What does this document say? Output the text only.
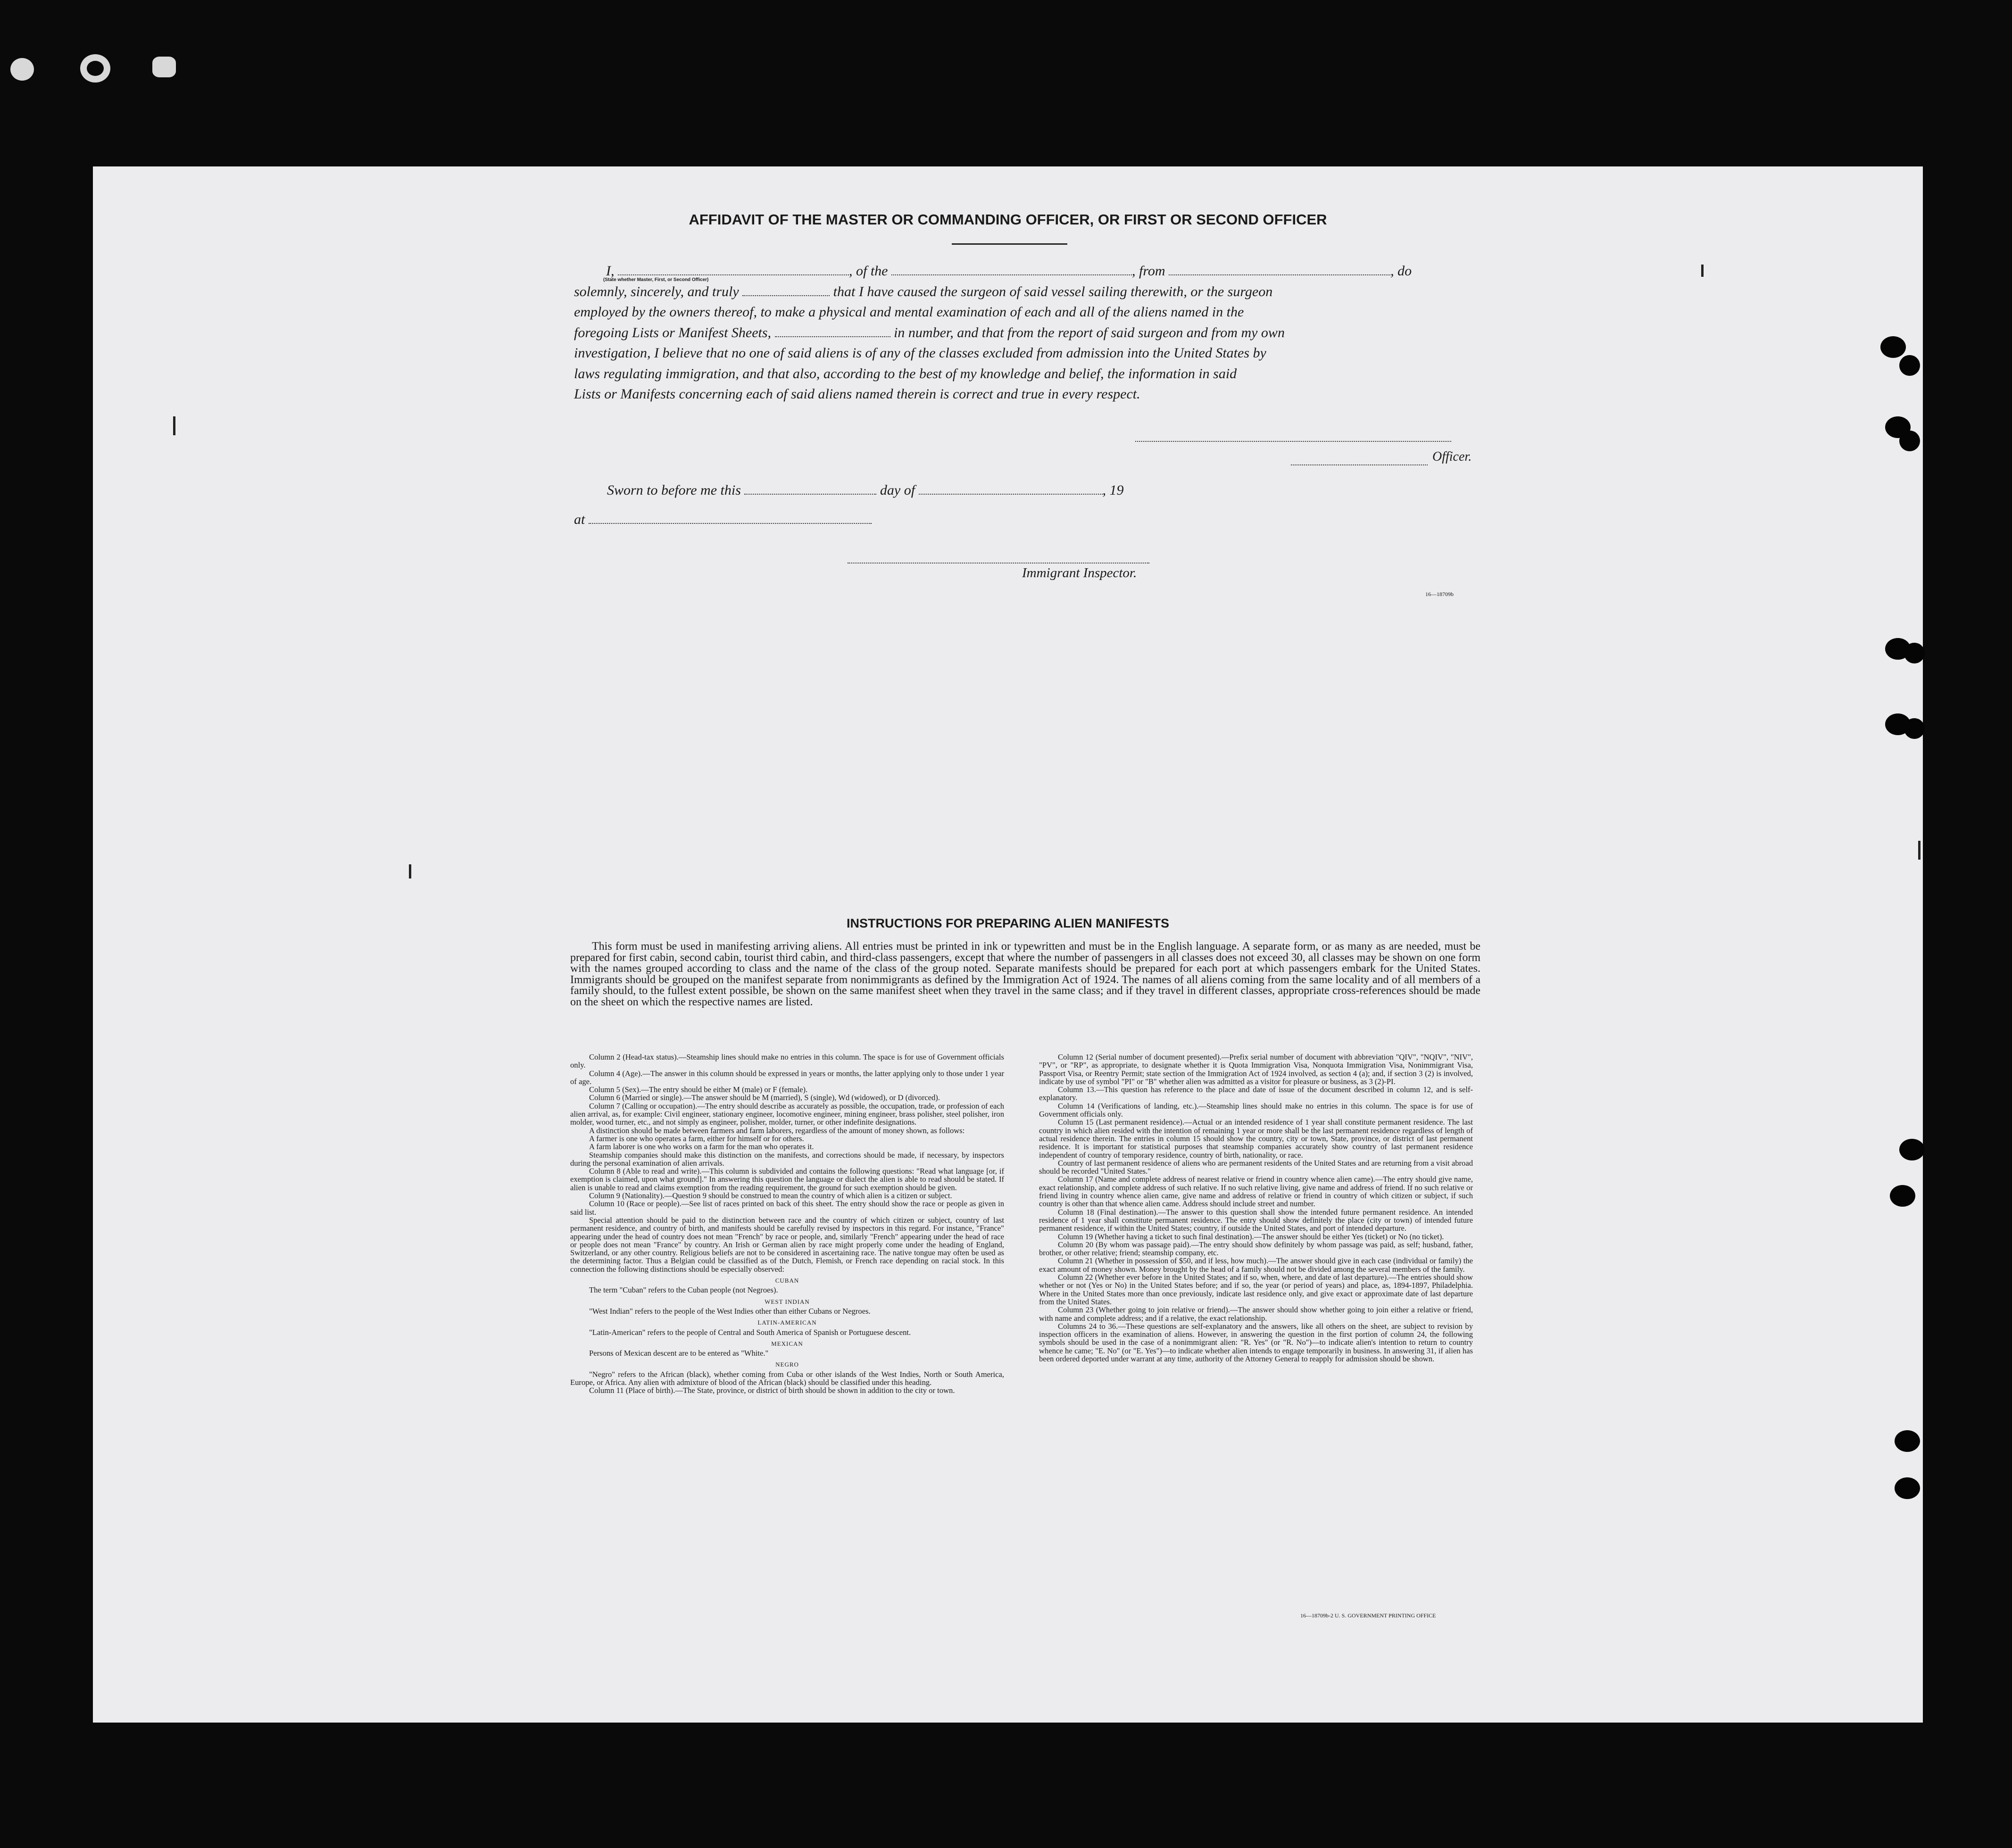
AFFIDAVIT OF THE MASTER OR COMMANDING OFFICER, OR FIRST OR SECOND OFFICER
I,	, of the	, from	, do
solemnly, sincerely, and truly	that I have caused the surgeon of said vessel sailing therewith, or the surgeon
employed by the owners thereof, to make a physical and mental examination of each and all of the aliens named in the
foregoing Lists or Manifest Sheets,	in number, and that from the report of said surgeon and from my own
investigation, I believe that no one of said aliens is of any of the classes excluded from admission into the United States by
laws regulating immigration, and that also, according to the best of my knowledge and belief, the information in said
Lists or Manifests concerning each of said aliens named therein is correct and true in every respect.
(State whether Master, First, or Second Officer)
Officer.
Sworn to before me this	day of	, 19
at
Immigrant Inspector.
16—18709b
INSTRUCTIONS FOR PREPARING ALIEN MANIFESTS

This form must be used in manifesting arriving aliens. All entries must be printed in ink or typewritten and must be in the English language. A separate form, or as many as are needed, must be prepared for first cabin, second cabin, tourist third cabin, and third-class passengers, except that where the number of passengers in all classes does not exceed 30, all classes may be shown on one form with the names grouped according to class and the name of the class of the group noted. Separate manifests should be prepared for each port at which passengers embark for the United States. Immigrants should be grouped on the manifest separate from nonimmigrants as defined by the Immigration Act of 1924. The names of all aliens coming from the same locality and of all members of a family should, to the fullest extent possible, be shown on the same manifest sheet when they travel in the same class; and if they travel in different classes, appropriate cross-references should be made on the sheet on which the respective names are listed.

Column 2 (Head-tax status).—Steamship lines should make no entries in this column. The space is for use of Government officials only.

Column 4 (Age).—The answer in this column should be expressed in years or months, the latter applying only to those under 1 year of age.

Column 5 (Sex).—The entry should be either M (male) or F (female).

Column 6 (Married or single).—The answer should be M (married), S (single), Wd (widowed), or D (divorced).

Column 7 (Calling or occupation).—The entry should describe as accurately as possible, the occupation, trade, or profession of each alien arrival, as, for example: Civil engineer, stationary engineer, locomotive engineer, mining engineer, brass polisher, steel polisher, iron molder, wood turner, etc., and not simply as engineer, polisher, molder, turner, or other indefinite designations.

A distinction should be made between farmers and farm laborers, regardless of the amount of money shown, as follows:

A farmer is one who operates a farm, either for himself or for others.

A farm laborer is one who works on a farm for the man who operates it.

Steamship companies should make this distinction on the manifests, and corrections should be made, if necessary, by inspectors during the personal examination of alien arrivals.

Column 8 (Able to read and write).—This column is subdivided and contains the following questions: "Read what language [or, if exemption is claimed, upon what ground]." In answering this question the language or dialect the alien is able to read should be stated. If alien is unable to read and claims exemption from the reading requirement, the ground for such exemption should be given.

Column 9 (Nationality).—Question 9 should be construed to mean the country of which alien is a citizen or subject.

Column 10 (Race or people).—See list of races printed on back of this sheet. The entry should show the race or people as given in said list.

Special attention should be paid to the distinction between race and the country of which citizen or subject, country of last permanent residence, and country of birth, and manifests should be carefully revised by inspectors in this regard. For instance, "France" appearing under the head of country does not mean "French" by race or people, and, similarly "French" appearing under the head of race or people does not mean "France" by country. An Irish or German alien by race might properly come under the heading of England, Switzerland, or any other country. Religious beliefs are not to be considered in ascertaining race. The native tongue may often be used as the determining factor. Thus a Belgian could be classified as of the Dutch, Flemish, or French race depending on racial stock. In this connection the following distinctions should be especially observed:

CUBAN

The term "Cuban" refers to the Cuban people (not Negroes).

WEST INDIAN

"West Indian" refers to the people of the West Indies other than either Cubans or Negroes.

LATIN-AMERICAN

"Latin-American" refers to the people of Central and South America of Spanish or Portuguese descent.

MEXICAN

Persons of Mexican descent are to be entered as "White."

NEGRO

"Negro" refers to the African (black), whether coming from Cuba or other islands of the West Indies, North or South America, Europe, or Africa. Any alien with admixture of blood of the African (black) should be classified under this heading.

Column 11 (Place of birth).—The State, province, or district of birth should be shown in addition to the city or town.

Column 12 (Serial number of document presented).—Prefix serial number of document with abbreviation "QIV", "NQIV", "NIV", "PV", or "RP", as appropriate, to designate whether it is Quota Immigration Visa, Nonquota Immigration Visa, Nonimmigrant Visa, Passport Visa, or Reentry Permit; state section of the Immigration Act of 1924 involved, as section 4 (a); and, if section 3 (2) is involved, indicate by use of symbol "PI" or "B" whether alien was admitted as a visitor for pleasure or business, as 3 (2)-PI.

Column 13.—This question has reference to the place and date of issue of the document described in column 12, and is self-explanatory.

Column 14 (Verifications of landing, etc.).—Steamship lines should make no entries in this column. The space is for use of Government officials only.

Column 15 (Last permanent residence).—Actual or an intended residence of 1 year shall constitute permanent residence. The last country in which alien resided with the intention of remaining 1 year or more shall be the last permanent residence regardless of length of actual residence therein. The entries in column 15 should show the country, city or town, State, province, or district of last permanent residence. It is important for statistical purposes that steamship companies accurately show country of last permanent residence independent of country of temporary residence, country of birth, nationality, or race.

Country of last permanent residence of aliens who are permanent residents of the United States and are returning from a visit abroad should be recorded "United States."

Column 17 (Name and complete address of nearest relative or friend in country whence alien came).—The entry should give name, exact relationship, and complete address of such relative. If no such relative living, give name and address of friend. If no such relative or friend living in country whence alien came, give name and address of relative or friend in country of which citizen or subject, if such country is other than that whence alien came. Address should include street and number.

Column 18 (Final destination).—The answer to this question shall show the intended future permanent residence. An intended residence of 1 year shall constitute permanent residence. The entry should show definitely the place (city or town) of intended future permanent residence, if within the United States; country, if outside the United States, and port of intended departure.

Column 19 (Whether having a ticket to such final destination).—The answer should be either Yes (ticket) or No (no ticket).

Column 20 (By whom was passage paid).—The entry should show definitely by whom passage was paid, as self; husband, father, brother, or other relative; friend; steamship company, etc.

Column 21 (Whether in possession of $50, and if less, how much).—The answer should give in each case (individual or family) the exact amount of money shown. Money brought by the head of a family should not be divided among the several members of the family.

Column 22 (Whether ever before in the United States; and if so, when, where, and date of last departure).—The entries should show whether or not (Yes or No) in the United States before; and if so, the year (or period of years) and place, as, 1894-1897, Philadelphia. Where in the United States more than once previously, indicate last residence only, and give exact or approximate date of last departure from the United States.

Column 23 (Whether going to join relative or friend).—The answer should show whether going to join either a relative or friend, with name and complete address; and if a relative, the exact relationship.

Columns 24 to 36.—These questions are self-explanatory and the answers, like all others on the sheet, are subject to revision by inspection officers in the examination of aliens. However, in answering the question in the first portion of column 24, the following symbols should be used in the case of a nonimmigrant alien: "R. Yes" (or "R. No")—to indicate alien's intention to return to country whence he came; "E. No" (or "E. Yes")—to indicate whether alien intends to engage temporarily in business. In answering 31, if alien has been ordered deported under warrant at any time, authority of the Attorney General to reapply for admission should be shown.

16—18709b-2 U. S. GOVERNMENT PRINTING OFFICE
